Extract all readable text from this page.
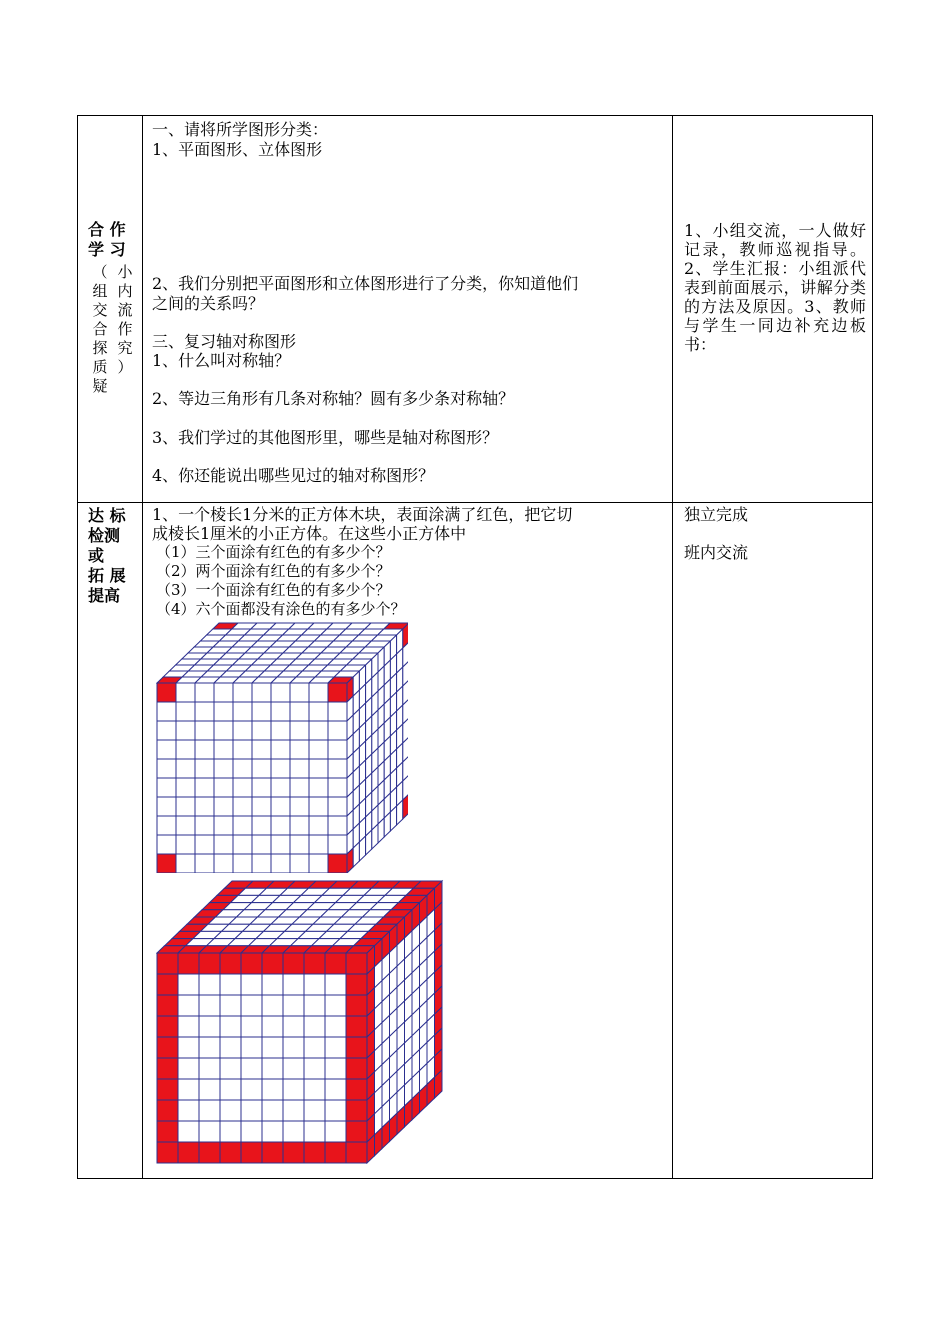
合 作
学 习
（
组
交
合
探
质
疑
小
内
流
作
究
）
一、请将所学图形分类：
1、平面图形、立体图形
2、我们分别把平面图形和立体图形进行了分类，你知道他们
之间的关系吗？
三、复习轴对称图形
1、什么叫对称轴？
2、等边三角形有几条对称轴？圆有多少条对称轴？
3、我们学过的其他图形里，哪些是轴对称图形？
4、你还能说出哪些见过的轴对称图形？
1、小组交流，一人做好记录，教师巡视指导。2、学生汇报：小组派代表到前面展示，讲解分类的方法及原因。3、教师与学生一同边补充边板书：
达 标
检测
或
拓 展
提高
1、一个棱长1分米的正方体木块，表面涂满了红色，把它切
成棱长1厘米的小正方体。在这些小正方体中
（1）三个面涂有红色的有多少个？
（2）两个面涂有红色的有多少个？
（3）一个面涂有红色的有多少个？
（4）六个面都没有涂色的有多少个？
独立完成
班内交流
